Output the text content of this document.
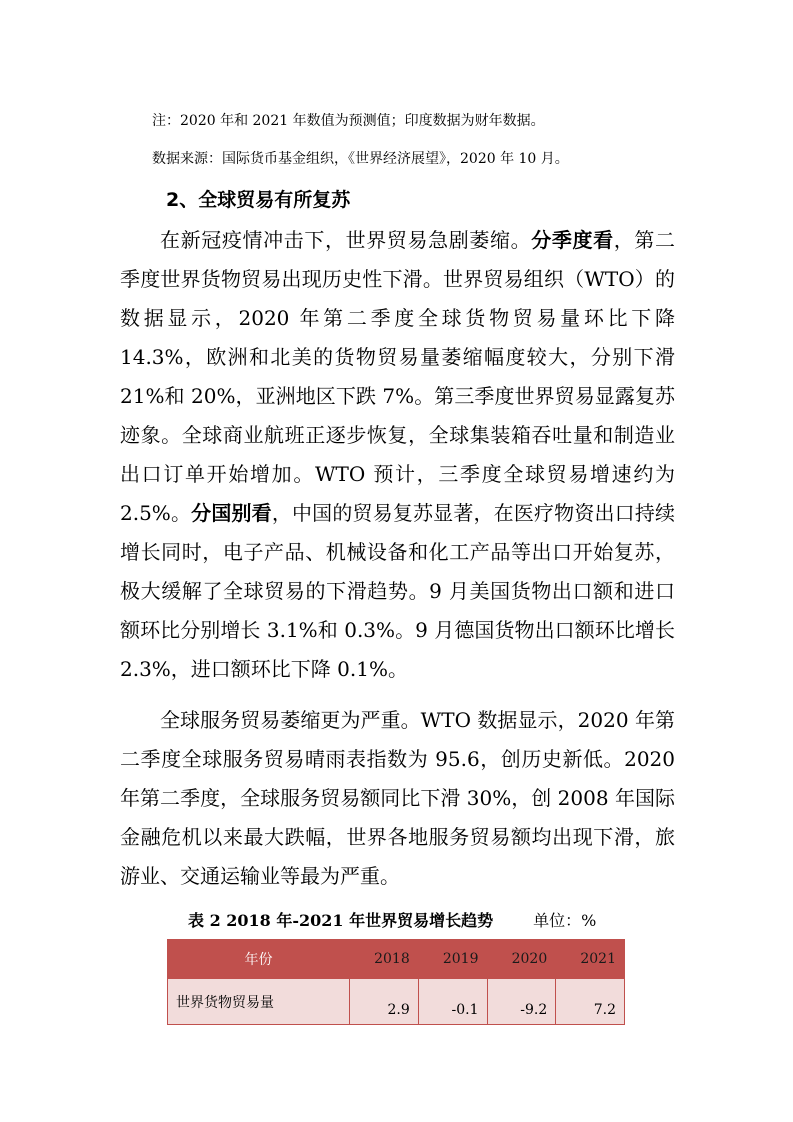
注：2020 年和 2021 年数值为预测值；印度数据为财年数据。
数据来源：国际货币基金组织，《世界经济展望》，2020 年 10 月。
2、全球贸易有所复苏
在新冠疫情冲击下，世界贸易急剧萎缩。分季度看，第二季度世界货物贸易出现历史性下滑。世界贸易组织（WTO）的数据显示，2020 年第二季度全球货物贸易量环比下降 14.3%，欧洲和北美的货物贸易量萎缩幅度较大，分别下滑 21%和 20%，亚洲地区下跌 7%。第三季度世界贸易显露复苏迹象。全球商业航班正逐步恢复，全球集装箱吞吐量和制造业出口订单开始增加。WTO 预计，三季度全球贸易增速约为 2.5%。分国别看，中国的贸易复苏显著，在医疗物资出口持续增长同时，电子产品、机械设备和化工产品等出口开始复苏，极大缓解了全球贸易的下滑趋势。9 月美国货物出口额和进口额环比分别增长 3.1%和 0.3%。9 月德国货物出口额环比增长 2.3%，进口额环比下降 0.1%。
全球服务贸易萎缩更为严重。WTO 数据显示，2020 年第二季度全球服务贸易晴雨表指数为 95.6，创历史新低。2020 年第二季度，全球服务贸易额同比下滑 30%，创 2008 年国际金融危机以来最大跌幅，世界各地服务贸易额均出现下滑，旅游业、交通运输业等最为严重。
表 2 2018 年-2021 年世界贸易增长趋势	单位：%
年份	2018	2019	2020	2021
世界货物贸易量	2.9	-0.1	-9.2	7.2
